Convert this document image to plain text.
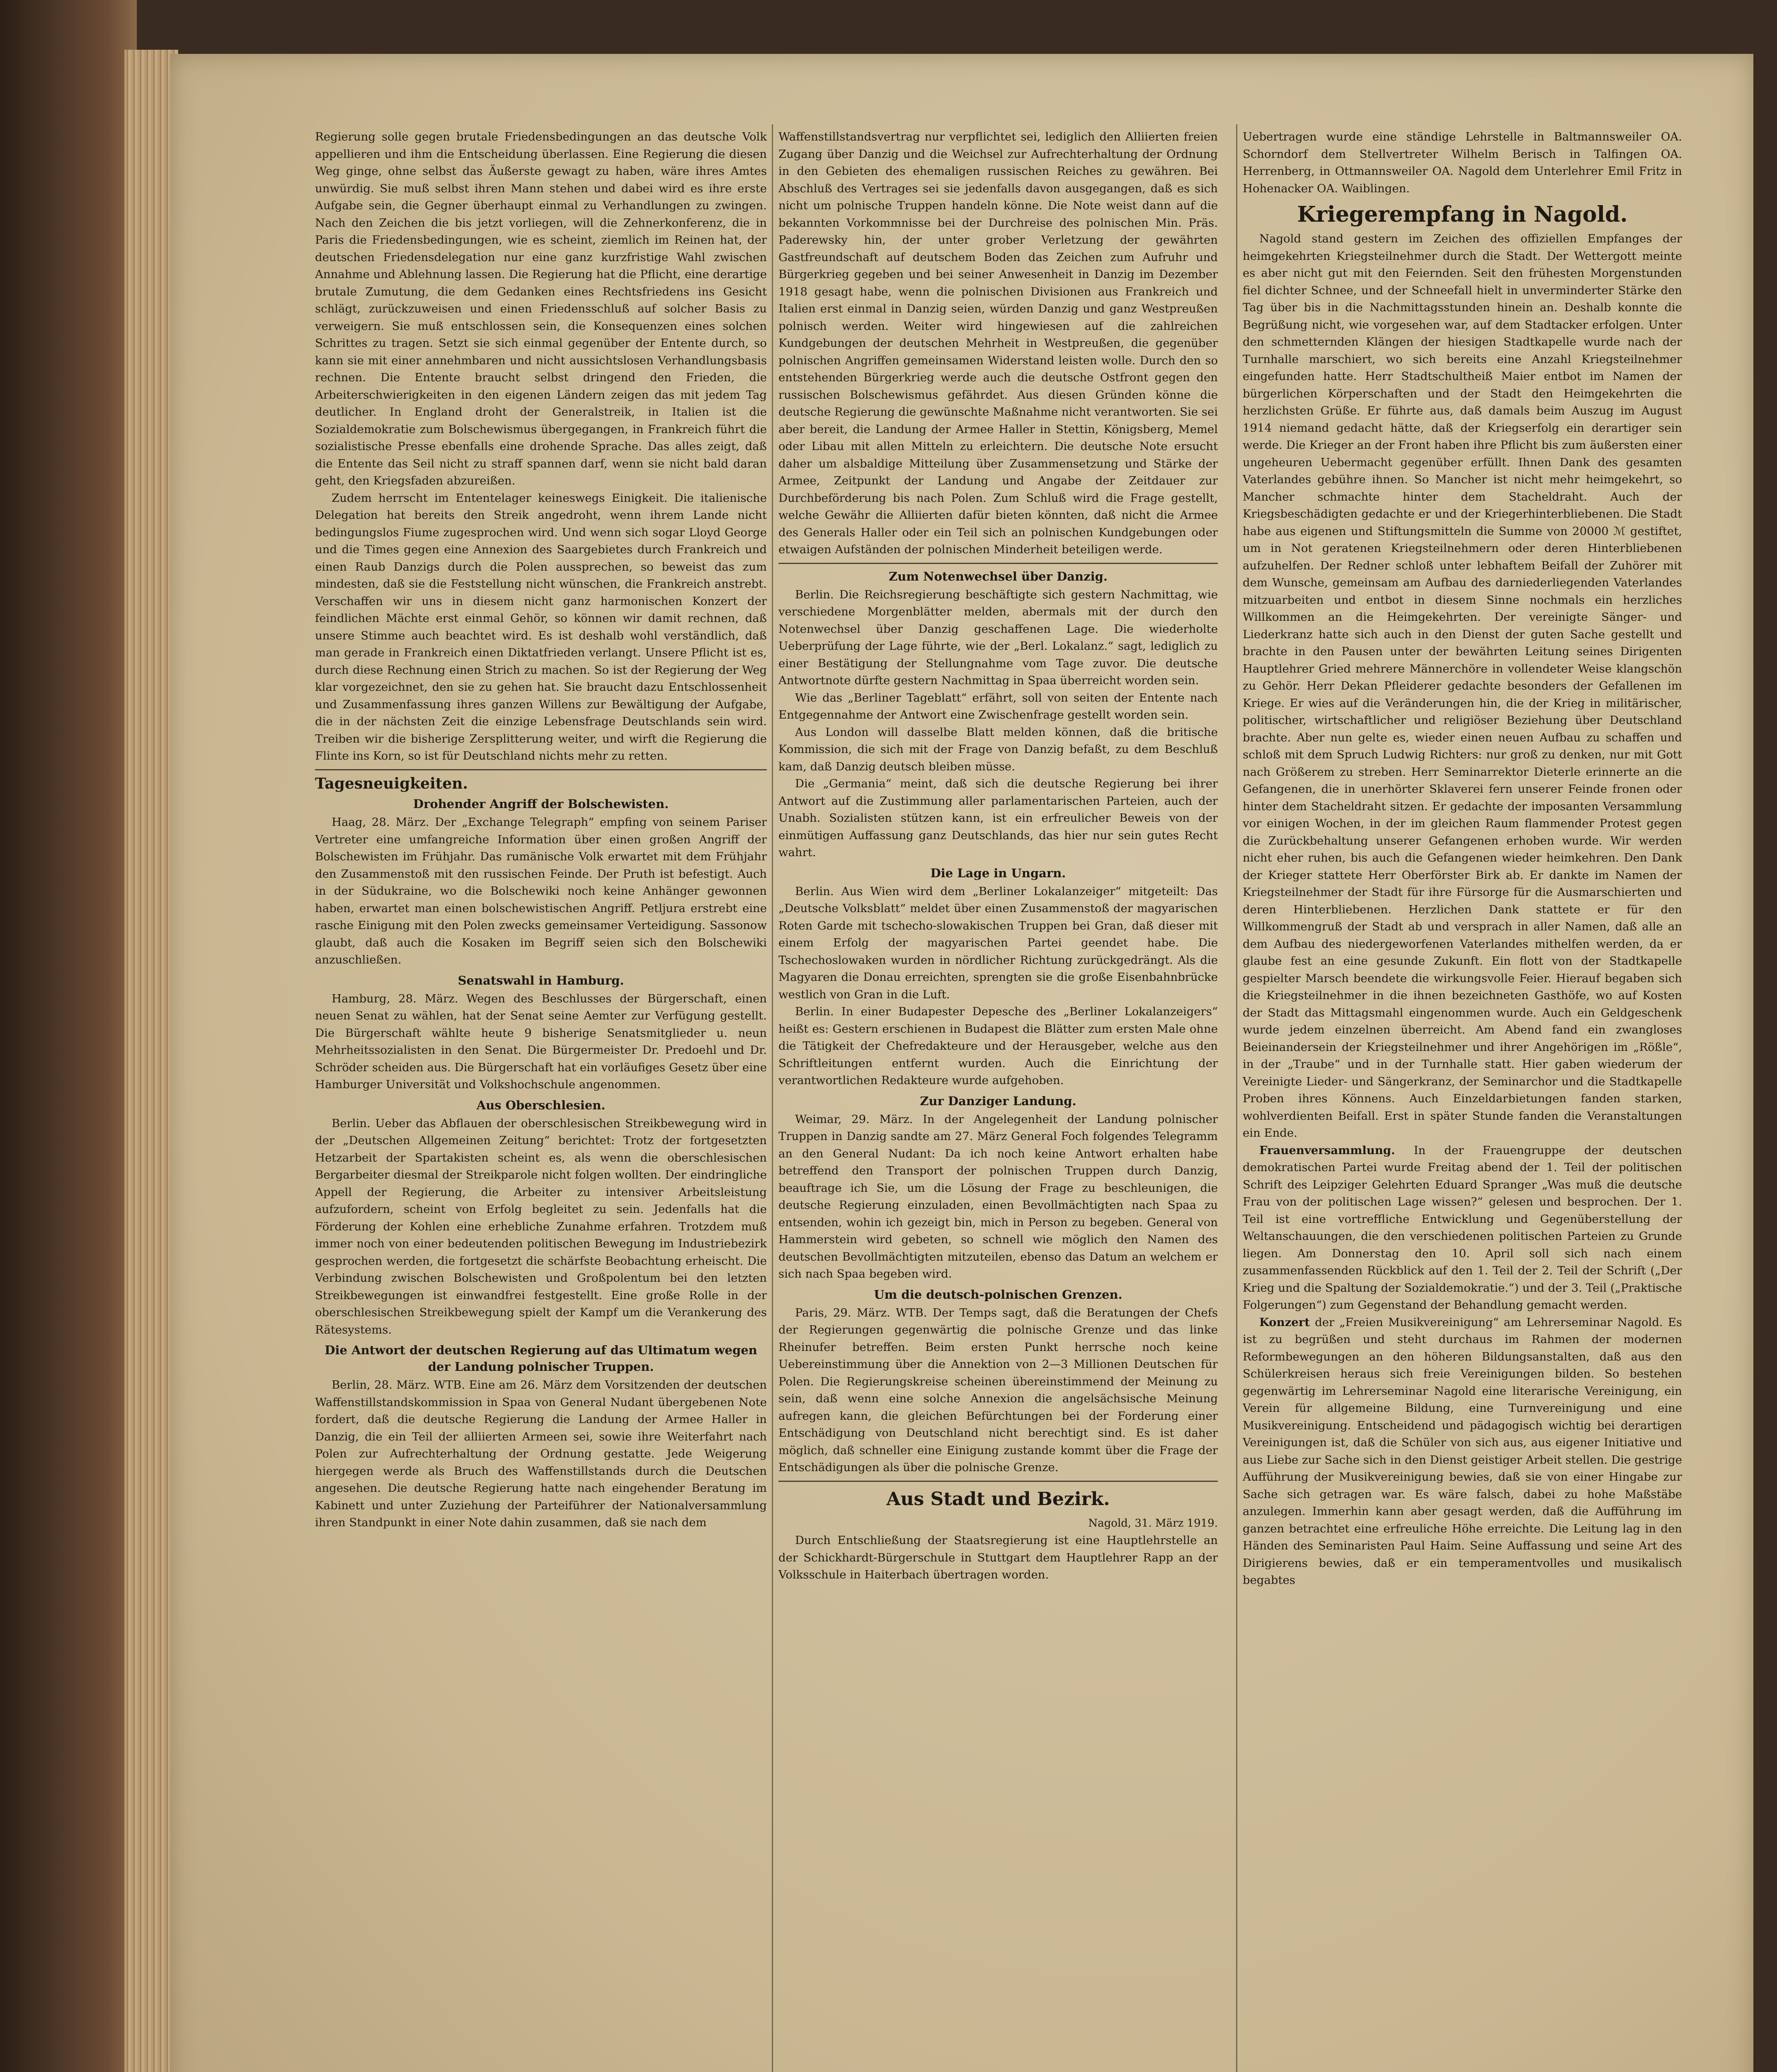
Regierung solle gegen brutale Friedensbedingungen an das deutsche Volk appellieren und ihm die Entscheidung überlassen. Eine Regierung die diesen Weg ginge, ohne selbst das Äußerste gewagt zu haben, wäre ihres Amtes unwürdig. Sie muß selbst ihren Mann stehen und dabei wird es ihre erste Aufgabe sein, die Gegner überhaupt einmal zu Verhandlungen zu zwingen. Nach den Zeichen die bis jetzt vorliegen, will die Zehnerkonferenz, die in Paris die Friedensbedingungen, wie es scheint, ziemlich im Reinen hat, der deutschen Friedensdelegation nur eine ganz kurzfristige Wahl zwischen Annahme und Ablehnung lassen. Die Regierung hat die Pflicht, eine derartige brutale Zumutung, die dem Gedanken eines Rechtsfriedens ins Gesicht schlägt, zurückzuweisen und einen Friedensschluß auf solcher Basis zu verweigern. Sie muß entschlossen sein, die Konsequenzen eines solchen Schrittes zu tragen. Setzt sie sich einmal gegenüber der Entente durch, so kann sie mit einer annehmbaren und nicht aussichtslosen Verhandlungsbasis rechnen. Die Entente braucht selbst dringend den Frieden, die Arbeiterschwierigkeiten in den eigenen Ländern zeigen das mit jedem Tag deutlicher. In England droht der Generalstreik, in Italien ist die Sozialdemokratie zum Bolschewismus übergegangen, in Frankreich führt die sozialistische Presse ebenfalls eine drohende Sprache. Das alles zeigt, daß die Entente das Seil nicht zu straff spannen darf, wenn sie nicht bald daran geht, den Kriegsfaden abzureißen.

Zudem herrscht im Ententelager keineswegs Einigkeit. Die italienische Delegation hat bereits den Streik angedroht, wenn ihrem Lande nicht bedingungslos Fiume zugesprochen wird. Und wenn sich sogar Lloyd George und die Times gegen eine Annexion des Saargebietes durch Frankreich und einen Raub Danzigs durch die Polen aussprechen, so beweist das zum mindesten, daß sie die Feststellung nicht wünschen, die Frankreich anstrebt. Verschaffen wir uns in diesem nicht ganz harmonischen Konzert der feindlichen Mächte erst einmal Gehör, so können wir damit rechnen, daß unsere Stimme auch beachtet wird. Es ist deshalb wohl verständlich, daß man gerade in Frankreich einen Diktatfrieden verlangt. Unsere Pflicht ist es, durch diese Rechnung einen Strich zu machen. So ist der Regierung der Weg klar vorgezeichnet, den sie zu gehen hat. Sie braucht dazu Entschlossenheit und Zusammenfassung ihres ganzen Willens zur Bewältigung der Aufgabe, die in der nächsten Zeit die einzige Lebensfrage Deutschlands sein wird. Treiben wir die bisherige Zersplitterung weiter, und wirft die Regierung die Flinte ins Korn, so ist für Deutschland nichts mehr zu retten.

Tagesneuigkeiten.
Drohender Angriff der Bolschewisten.

Haag, 28. März. Der „Exchange Telegraph“ empfing von seinem Pariser Vertreter eine umfangreiche Information über einen großen Angriff der Bolschewisten im Frühjahr. Das rumänische Volk erwartet mit dem Frühjahr den Zusammenstoß mit den russischen Feinde. Der Pruth ist befestigt. Auch in der Südukraine, wo die Bolschewiki noch keine Anhänger gewonnen haben, erwartet man einen bolschewistischen Angriff. Petljura erstrebt eine rasche Einigung mit den Polen zwecks gemeinsamer Verteidigung. Sassonow glaubt, daß auch die Kosaken im Begriff seien sich den Bolschewiki anzuschließen.

Senatswahl in Hamburg.

Hamburg, 28. März. Wegen des Beschlusses der Bürgerschaft, einen neuen Senat zu wählen, hat der Senat seine Aemter zur Verfügung gestellt. Die Bürgerschaft wählte heute 9 bisherige Senatsmitglieder u. neun Mehrheitssozialisten in den Senat. Die Bürgermeister Dr. Predoehl und Dr. Schröder scheiden aus. Die Bürgerschaft hat ein vorläufiges Gesetz über eine Hamburger Universität und Volkshochschule angenommen.

Aus Oberschlesien.

Berlin. Ueber das Abflauen der oberschlesischen Streikbewegung wird in der „Deutschen Allgemeinen Zeitung“ berichtet: Trotz der fortgesetzten Hetzarbeit der Spartakisten scheint es, als wenn die oberschlesischen Bergarbeiter diesmal der Streikparole nicht folgen wollten. Der eindringliche Appell der Regierung, die Arbeiter zu intensiver Arbeitsleistung aufzufordern, scheint von Erfolg begleitet zu sein. Jedenfalls hat die Förderung der Kohlen eine erhebliche Zunahme erfahren. Trotzdem muß immer noch von einer bedeutenden politischen Bewegung im Industriebezirk gesprochen werden, die fortgesetzt die schärfste Beobachtung erheischt. Die Verbindung zwischen Bolschewisten und Großpolentum bei den letzten Streikbewegungen ist einwandfrei festgestellt. Eine große Rolle in der oberschlesischen Streikbewegung spielt der Kampf um die Verankerung des Rätesystems.

Die Antwort der deutschen Regierung auf das Ultimatum wegen der Landung polnischer Truppen.

Berlin, 28. März. WTB. Eine am 26. März dem Vorsitzenden der deutschen Waffenstillstandskommission in Spaa von General Nudant übergebenen Note fordert, daß die deutsche Regierung die Landung der Armee Haller in Danzig, die ein Teil der alliierten Armeen sei, sowie ihre Weiterfahrt nach Polen zur Aufrechterhaltung der Ordnung gestatte. Jede Weigerung hiergegen werde als Bruch des Waffenstillstands durch die Deutschen angesehen. Die deutsche Regierung hatte nach eingehender Beratung im Kabinett und unter Zuziehung der Parteiführer der Nationalversammlung ihren Standpunkt in einer Note dahin zusammen, daß sie nach dem

Waffenstillstandsvertrag nur verpflichtet sei, lediglich den Alliierten freien Zugang über Danzig und die Weichsel zur Aufrechterhaltung der Ordnung in den Gebieten des ehemaligen russischen Reiches zu gewähren. Bei Abschluß des Vertrages sei sie jedenfalls davon ausgegangen, daß es sich nicht um polnische Truppen handeln könne. Die Note weist dann auf die bekannten Vorkommnisse bei der Durchreise des polnischen Min. Präs. Paderewsky hin, der unter grober Verletzung der gewährten Gastfreundschaft auf deutschem Boden das Zeichen zum Aufruhr und Bürgerkrieg gegeben und bei seiner Anwesenheit in Danzig im Dezember 1918 gesagt habe, wenn die polnischen Divisionen aus Frankreich und Italien erst einmal in Danzig seien, würden Danzig und ganz Westpreußen polnisch werden. Weiter wird hingewiesen auf die zahlreichen Kundgebungen der deutschen Mehrheit in Westpreußen, die gegenüber polnischen Angriffen gemeinsamen Widerstand leisten wolle. Durch den so entstehenden Bürgerkrieg werde auch die deutsche Ostfront gegen den russischen Bolschewismus gefährdet. Aus diesen Gründen könne die deutsche Regierung die gewünschte Maßnahme nicht verantworten. Sie sei aber bereit, die Landung der Armee Haller in Stettin, Königsberg, Memel oder Libau mit allen Mitteln zu erleichtern. Die deutsche Note ersucht daher um alsbaldige Mitteilung über Zusammensetzung und Stärke der Armee, Zeitpunkt der Landung und Angabe der Zeitdauer zur Durchbeförderung bis nach Polen. Zum Schluß wird die Frage gestellt, welche Gewähr die Alliierten dafür bieten könnten, daß nicht die Armee des Generals Haller oder ein Teil sich an polnischen Kundgebungen oder etwaigen Aufständen der polnischen Minderheit beteiligen werde.

Zum Notenwechsel über Danzig.

Berlin. Die Reichsregierung beschäftigte sich gestern Nachmittag, wie verschiedene Morgenblätter melden, abermals mit der durch den Notenwechsel über Danzig geschaffenen Lage. Die wiederholte Ueberprüfung der Lage führte, wie der „Berl. Lokalanz.“ sagt, lediglich zu einer Bestätigung der Stellungnahme vom Tage zuvor. Die deutsche Antwortnote dürfte gestern Nachmittag in Spaa überreicht worden sein.

Wie das „Berliner Tageblatt“ erfährt, soll von seiten der Entente nach Entgegennahme der Antwort eine Zwischenfrage gestellt worden sein.

Aus London will dasselbe Blatt melden können, daß die britische Kommission, die sich mit der Frage von Danzig befaßt, zu dem Beschluß kam, daß Danzig deutsch bleiben müsse.

Die „Germania“ meint, daß sich die deutsche Regierung bei ihrer Antwort auf die Zustimmung aller parlamentarischen Parteien, auch der Unabh. Sozialisten stützen kann, ist ein erfreulicher Beweis von der einmütigen Auffassung ganz Deutschlands, das hier nur sein gutes Recht wahrt.

Die Lage in Ungarn.

Berlin. Aus Wien wird dem „Berliner Lokalanzeiger“ mitgeteilt: Das „Deutsche Volksblatt“ meldet über einen Zusammenstoß der magyarischen Roten Garde mit tschecho-slowakischen Truppen bei Gran, daß dieser mit einem Erfolg der magyarischen Partei geendet habe. Die Tschechoslowaken wurden in nördlicher Richtung zurückgedrängt. Als die Magyaren die Donau erreichten, sprengten sie die große Eisenbahnbrücke westlich von Gran in die Luft.

Berlin. In einer Budapester Depesche des „Berliner Lokalanzeigers“ heißt es: Gestern erschienen in Budapest die Blätter zum ersten Male ohne die Tätigkeit der Chefredakteure und der Herausgeber, welche aus den Schriftleitungen entfernt wurden. Auch die Einrichtung der verantwortlichen Redakteure wurde aufgehoben.

Zur Danziger Landung.

Weimar, 29. März. In der Angelegenheit der Landung polnischer Truppen in Danzig sandte am 27. März General Foch folgendes Telegramm an den General Nudant: Da ich noch keine Antwort erhalten habe betreffend den Transport der polnischen Truppen durch Danzig, beauftrage ich Sie, um die Lösung der Frage zu beschleunigen, die deutsche Regierung einzuladen, einen Bevollmächtigten nach Spaa zu entsenden, wohin ich gezeigt bin, mich in Person zu begeben. General von Hammerstein wird gebeten, so schnell wie möglich den Namen des deutschen Bevollmächtigten mitzuteilen, ebenso das Datum an welchem er sich nach Spaa begeben wird.

Um die deutsch-polnischen Grenzen.

Paris, 29. März. WTB. Der Temps sagt, daß die Beratungen der Chefs der Regierungen gegenwärtig die polnische Grenze und das linke Rheinufer betreffen. Beim ersten Punkt herrsche noch keine Uebereinstimmung über die Annektion von 2—3 Millionen Deutschen für Polen. Die Regierungskreise scheinen übereinstimmend der Meinung zu sein, daß wenn eine solche Annexion die angelsächsische Meinung aufregen kann, die gleichen Befürchtungen bei der Forderung einer Entschädigung von Deutschland nicht berechtigt sind. Es ist daher möglich, daß schneller eine Einigung zustande kommt über die Frage der Entschädigungen als über die polnische Grenze.

Aus Stadt und Bezirk.
Nagold, 31. März 1919.

Durch Entschließung der Staatsregierung ist eine Hauptlehrstelle an der Schickhardt-Bürgerschule in Stuttgart dem Hauptlehrer Rapp an der Volksschule in Haiterbach übertragen worden.

Uebertragen wurde eine ständige Lehrstelle in Baltmannsweiler OA. Schorndorf dem Stellvertreter Wilhelm Berisch in Talfingen OA. Herrenberg, in Ottmannsweiler OA. Nagold dem Unterlehrer Emil Fritz in Hohenacker OA. Waiblingen.

Kriegerempfang in Nagold.

Nagold stand gestern im Zeichen des offiziellen Empfanges der heimgekehrten Kriegsteilnehmer durch die Stadt. Der Wettergott meinte es aber nicht gut mit den Feiernden. Seit den frühesten Morgenstunden fiel dichter Schnee, und der Schneefall hielt in unverminderter Stärke den Tag über bis in die Nachmittagsstunden hinein an. Deshalb konnte die Begrüßung nicht, wie vorgesehen war, auf dem Stadtacker erfolgen. Unter den schmetternden Klängen der hiesigen Stadtkapelle wurde nach der Turnhalle marschiert, wo sich bereits eine Anzahl Kriegsteilnehmer eingefunden hatte. Herr Stadtschultheiß Maier entbot im Namen der bürgerlichen Körperschaften und der Stadt den Heimgekehrten die herzlichsten Grüße. Er führte aus, daß damals beim Auszug im August 1914 niemand gedacht hätte, daß der Kriegserfolg ein derartiger sein werde. Die Krieger an der Front haben ihre Pflicht bis zum äußersten einer ungeheuren Uebermacht gegenüber erfüllt. Ihnen Dank des gesamten Vaterlandes gebühre ihnen. So Mancher ist nicht mehr heimgekehrt, so Mancher schmachte hinter dem Stacheldraht. Auch der Kriegsbeschädigten gedachte er und der Kriegerhinterbliebenen. Die Stadt habe aus eigenen und Stiftungsmitteln die Summe von 20000 ℳ gestiftet, um in Not geratenen Kriegsteilnehmern oder deren Hinterbliebenen aufzuhelfen. Der Redner schloß unter lebhaftem Beifall der Zuhörer mit dem Wunsche, gemeinsam am Aufbau des darniederliegenden Vaterlandes mitzuarbeiten und entbot in diesem Sinne nochmals ein herzliches Willkommen an die Heimgekehrten. Der vereinigte Sänger- und Liederkranz hatte sich auch in den Dienst der guten Sache gestellt und brachte in den Pausen unter der bewährten Leitung seines Dirigenten Hauptlehrer Gried mehrere Männerchöre in vollendeter Weise klangschön zu Gehör. Herr Dekan Pfleiderer gedachte besonders der Gefallenen im Kriege. Er wies auf die Veränderungen hin, die der Krieg in militärischer, politischer, wirtschaftlicher und religiöser Beziehung über Deutschland brachte. Aber nun gelte es, wieder einen neuen Aufbau zu schaffen und schloß mit dem Spruch Ludwig Richters: nur groß zu denken, nur mit Gott nach Größerem zu streben. Herr Seminarrektor Dieterle erinnerte an die Gefangenen, die in unerhörter Sklaverei fern unserer Feinde fronen oder hinter dem Stacheldraht sitzen. Er gedachte der imposanten Versammlung vor einigen Wochen, in der im gleichen Raum flammender Protest gegen die Zurückbehaltung unserer Gefangenen erhoben wurde. Wir werden nicht eher ruhen, bis auch die Gefangenen wieder heimkehren. Den Dank der Krieger stattete Herr Oberförster Birk ab. Er dankte im Namen der Kriegsteilnehmer der Stadt für ihre Fürsorge für die Ausmarschierten und deren Hinterbliebenen. Herzlichen Dank stattete er für den Willkommengruß der Stadt ab und versprach in aller Namen, daß alle an dem Aufbau des niedergeworfenen Vaterlandes mithelfen werden, da er glaube fest an eine gesunde Zukunft. Ein flott von der Stadtkapelle gespielter Marsch beendete die wirkungsvolle Feier. Hierauf begaben sich die Kriegsteilnehmer in die ihnen bezeichneten Gasthöfe, wo auf Kosten der Stadt das Mittagsmahl eingenommen wurde. Auch ein Geldgeschenk wurde jedem einzelnen überreicht. Am Abend fand ein zwangloses Beieinandersein der Kriegsteilnehmer und ihrer Angehörigen im „Rößle“, in der „Traube“ und in der Turnhalle statt. Hier gaben wiederum der Vereinigte Lieder- und Sängerkranz, der Seminarchor und die Stadtkapelle Proben ihres Könnens. Auch Einzeldarbietungen fanden starken, wohlverdienten Beifall. Erst in später Stunde fanden die Veranstaltungen ein Ende.

Frauenversammlung. In der Frauengruppe der deutschen demokratischen Partei wurde Freitag abend der 1. Teil der politischen Schrift des Leipziger Gelehrten Eduard Spranger „Was muß die deutsche Frau von der politischen Lage wissen?“ gelesen und besprochen. Der 1. Teil ist eine vortreffliche Entwicklung und Gegenüberstellung der Weltanschauungen, die den verschiedenen politischen Parteien zu Grunde liegen. Am Donnerstag den 10. April soll sich nach einem zusammenfassenden Rückblick auf den 1. Teil der 2. Teil der Schrift („Der Krieg und die Spaltung der Sozialdemokratie.“) und der 3. Teil („Praktische Folgerungen“) zum Gegenstand der Behandlung gemacht werden.

Konzert der „Freien Musikvereinigung“ am Lehrerseminar Nagold. Es ist zu begrüßen und steht durchaus im Rahmen der modernen Reformbewegungen an den höheren Bildungsanstalten, daß aus den Schülerkreisen heraus sich freie Vereinigungen bilden. So bestehen gegenwärtig im Lehrerseminar Nagold eine literarische Vereinigung, ein Verein für allgemeine Bildung, eine Turnvereinigung und eine Musikvereinigung. Entscheidend und pädagogisch wichtig bei derartigen Vereinigungen ist, daß die Schüler von sich aus, aus eigener Initiative und aus Liebe zur Sache sich in den Dienst geistiger Arbeit stellen. Die gestrige Aufführung der Musikvereinigung bewies, daß sie von einer Hingabe zur Sache sich getragen war. Es wäre falsch, dabei zu hohe Maßstäbe anzulegen. Immerhin kann aber gesagt werden, daß die Aufführung im ganzen betrachtet eine erfreuliche Höhe erreichte. Die Leitung lag in den Händen des Seminaristen Paul Haim. Seine Auffassung und seine Art des Dirigierens bewies, daß er ein temperamentvolles und musikalisch begabtes
